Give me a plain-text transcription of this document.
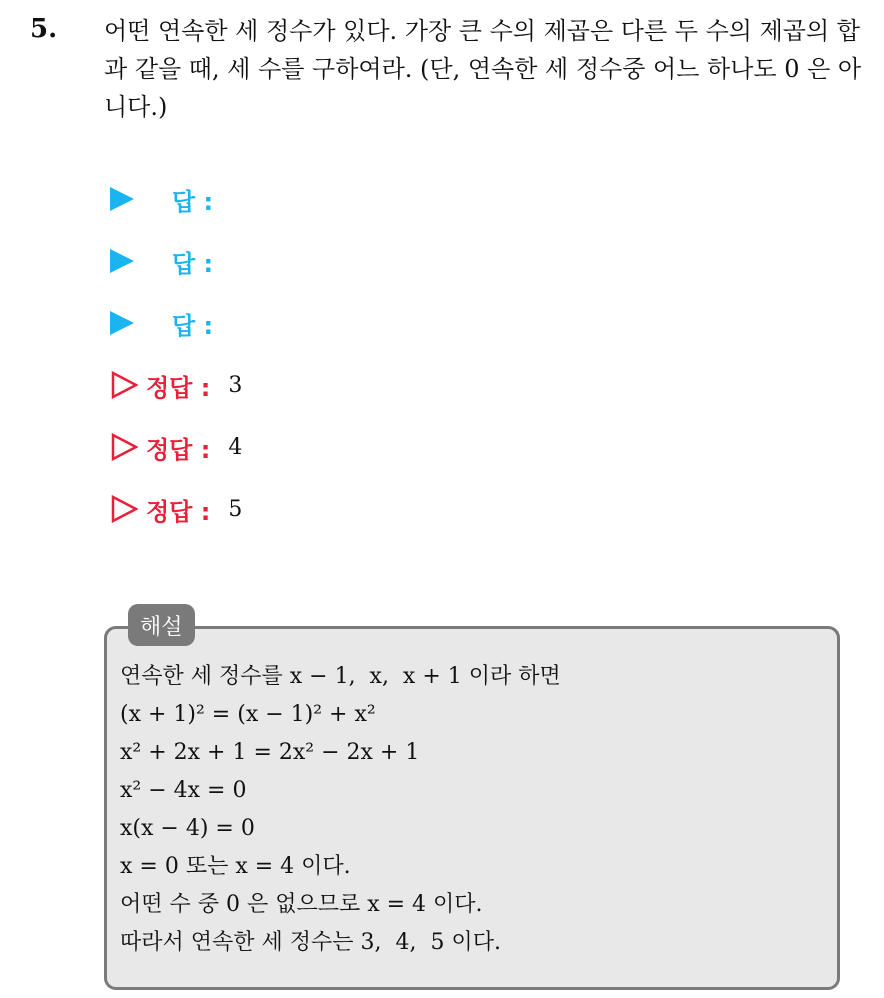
5. 어떤 연속한 세 정수가 있다. 가장 큰 수의 제곱은 다른 두 수의 제곱의 합과 같을 때, 세 수를 구하여라. (단, 연속한 세 정수중 어느 하나도 0 은 아니다.)
답 :
답 :
답 :
정답 : 3
정답 : 4
정답 : 5
해설
연속한 세 정수를 x − 1,  x,  x + 1 이라 하면
(x + 1)² = (x − 1)² + x²
x² + 2x + 1 = 2x² − 2x + 1
x² − 4x = 0
x(x − 4) = 0
x = 0 또는 x = 4 이다.
어떤 수 중 0 은 없으므로 x = 4 이다.
따라서 연속한 세 정수는 3,  4,  5 이다.
